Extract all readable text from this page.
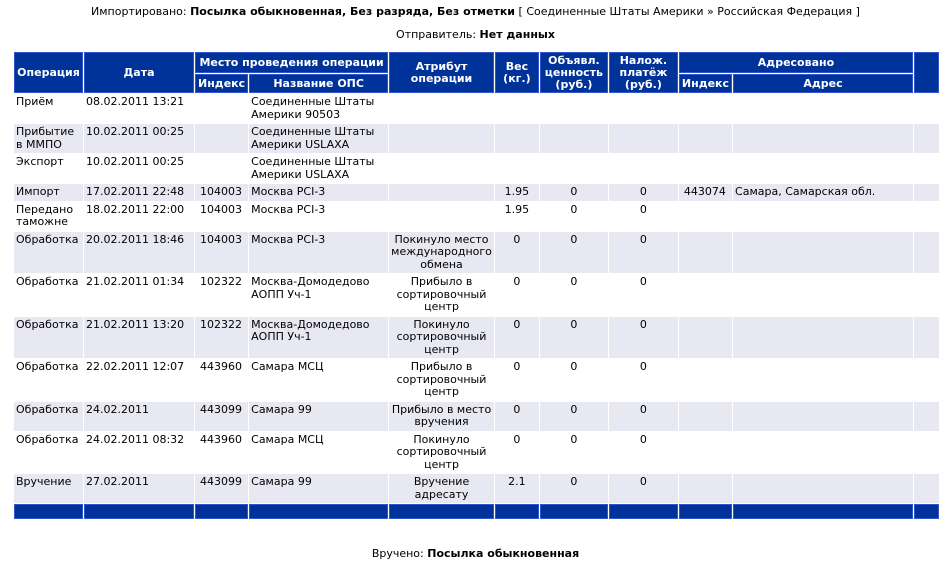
Импортировано: Посылка обыкновенная, Без разряда, Без отметки [ Соединенные Штаты Америки » Российская Федерация ]
Отправитель: Нет данных
Операция	Дата	Место проведения операции		Атрибут операции	Вес (кг.)	Объявл. ценность (руб.)	Налож. платёж (руб.)	Адресовано		
		Индекс	Название ОПС					Индекс	Адрес	
Приём	08.02.2011 13:21		Соединенные Штаты Америки 90503							
Прибытие в ММПО	10.02.2011 00:25		Соединенные Штаты Америки USLAXA							
Экспорт	10.02.2011 00:25		Соединенные Штаты Америки USLAXA							
Импорт	17.02.2011 22:48	104003	Москва PCI-3		1.95	0	0	443074	Самара, Самарская обл.	
Передано таможне	18.02.2011 22:00	104003	Москва PCI-3		1.95	0	0			
Обработка	20.02.2011 18:46	104003	Москва PCI-3	Покинуло место международного обмена	0	0	0			
Обработка	21.02.2011 01:34	102322	Москва-Домодедово АОПП Уч-1	Прибыло в сортировочный центр	0	0	0			
Обработка	21.02.2011 13:20	102322	Москва-Домодедово АОПП Уч-1	Покинуло сортировочный центр	0	0	0			
Обработка	22.02.2011 12:07	443960	Самара МСЦ	Прибыло в сортировочный центр	0	0	0			
Обработка	24.02.2011	443099	Самара 99	Прибыло в место вручения	0	0	0			
Обработка	24.02.2011 08:32	443960	Самара МСЦ	Покинуло сортировочный центр	0	0	0			
Вручение	27.02.2011	443099	Самара 99	Вручение адресату	2.1	0	0			

Вручено: Посылка обыкновенная
